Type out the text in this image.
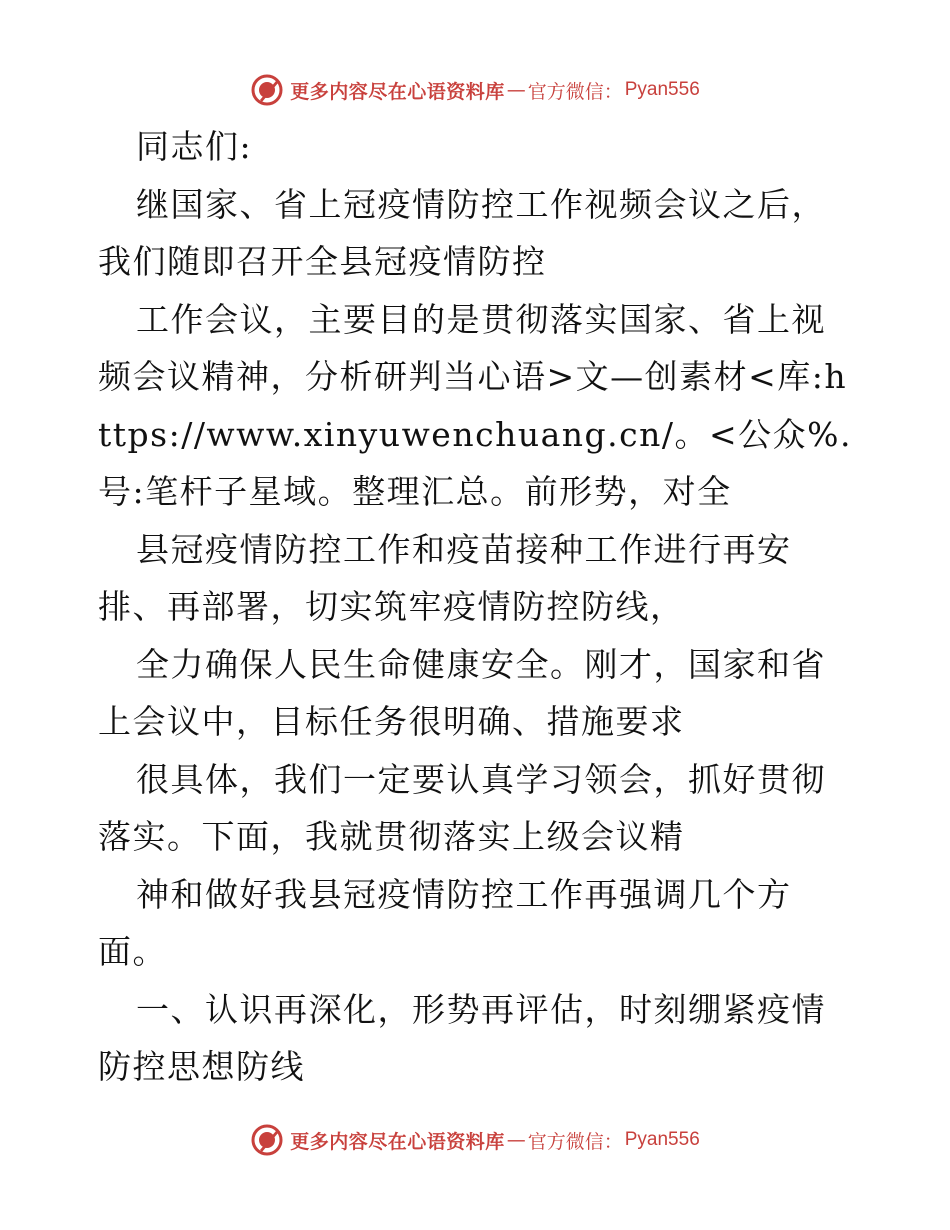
更多内容尽在心语资料库 — 官方微信： Pyan556

同志们:

继国家、省上冠疫情防控工作视频会议之后，我们随即召开全县冠疫情防控

工作会议，主要目的是贯彻落实国家、省上视频会议精神，分析研判当心语>文—创素材<库:https://www.xinyuwenchuang.cn/。<公众%.号:笔杆子星域。整理汇总。前形势，对全

县冠疫情防控工作和疫苗接种工作进行再安排、再部署，切实筑牢疫情防控防线，

全力确保人民生命健康安全。刚才，国家和省上会议中，目标任务很明确、措施要求

很具体，我们一定要认真学习领会，抓好贯彻落实。下面，我就贯彻落实上级会议精

神和做好我县冠疫情防控工作再强调几个方面。

一、认识再深化，形势再评估，时刻绷紧疫情防控思想防线

更多内容尽在心语资料库 — 官方微信： Pyan556
